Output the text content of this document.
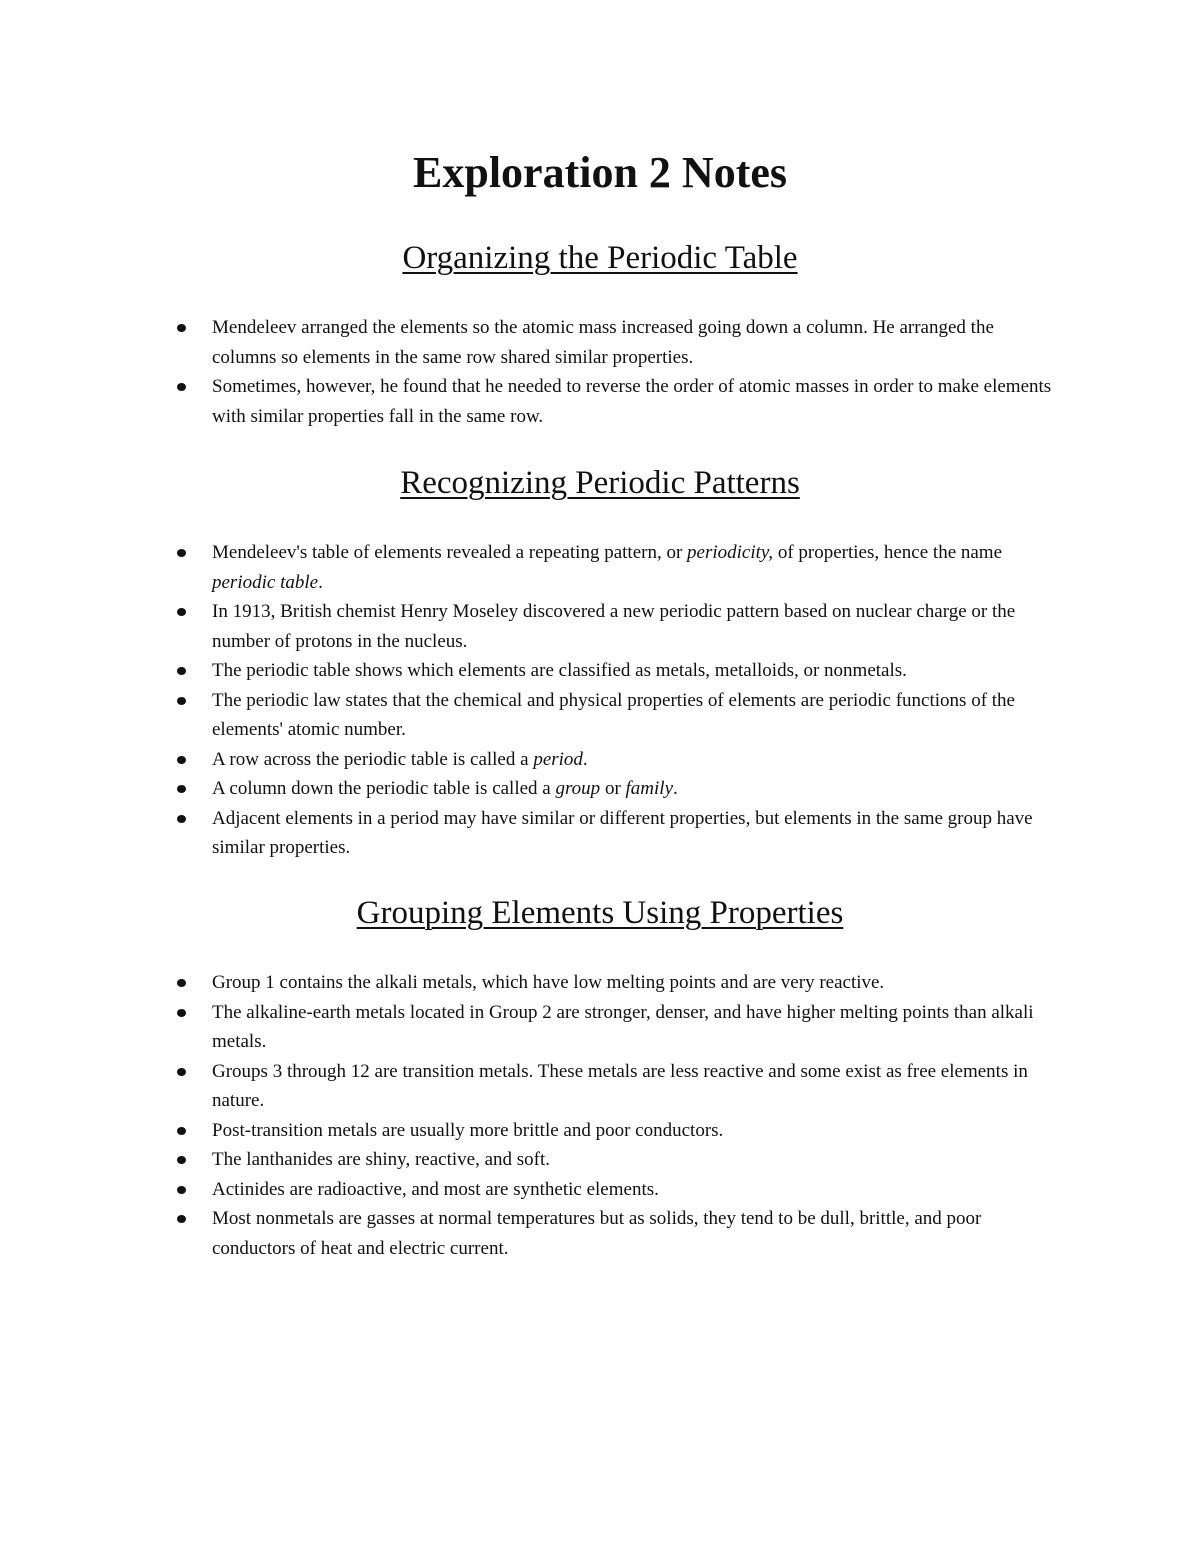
Exploration 2 Notes
Organizing the Periodic Table
Mendeleev arranged the elements so the atomic mass increased going down a column. He arranged the columns so elements in the same row shared similar properties.
Sometimes, however, he found that he needed to reverse the order of atomic masses in order to make elements with similar properties fall in the same row.
Recognizing Periodic Patterns
Mendeleev's table of elements revealed a repeating pattern, or periodicity, of properties, hence the name periodic table.
In 1913, British chemist Henry Moseley discovered a new periodic pattern based on nuclear charge or the number of protons in the nucleus.
The periodic table shows which elements are classified as metals, metalloids, or nonmetals.
The periodic law states that the chemical and physical properties of elements are periodic functions of the elements' atomic number.
A row across the periodic table is called a period.
A column down the periodic table is called a group or family.
Adjacent elements in a period may have similar or different properties, but elements in the same group have similar properties.
Grouping Elements Using Properties
Group 1 contains the alkali metals, which have low melting points and are very reactive.
The alkaline-earth metals located in Group 2 are stronger, denser, and have higher melting points than alkali metals.
Groups 3 through 12 are transition metals. These metals are less reactive and some exist as free elements in nature.
Post-transition metals are usually more brittle and poor conductors.
The lanthanides are shiny, reactive, and soft.
Actinides are radioactive, and most are synthetic elements.
Most nonmetals are gasses at normal temperatures but as solids, they tend to be dull, brittle, and poor conductors of heat and electric current.
